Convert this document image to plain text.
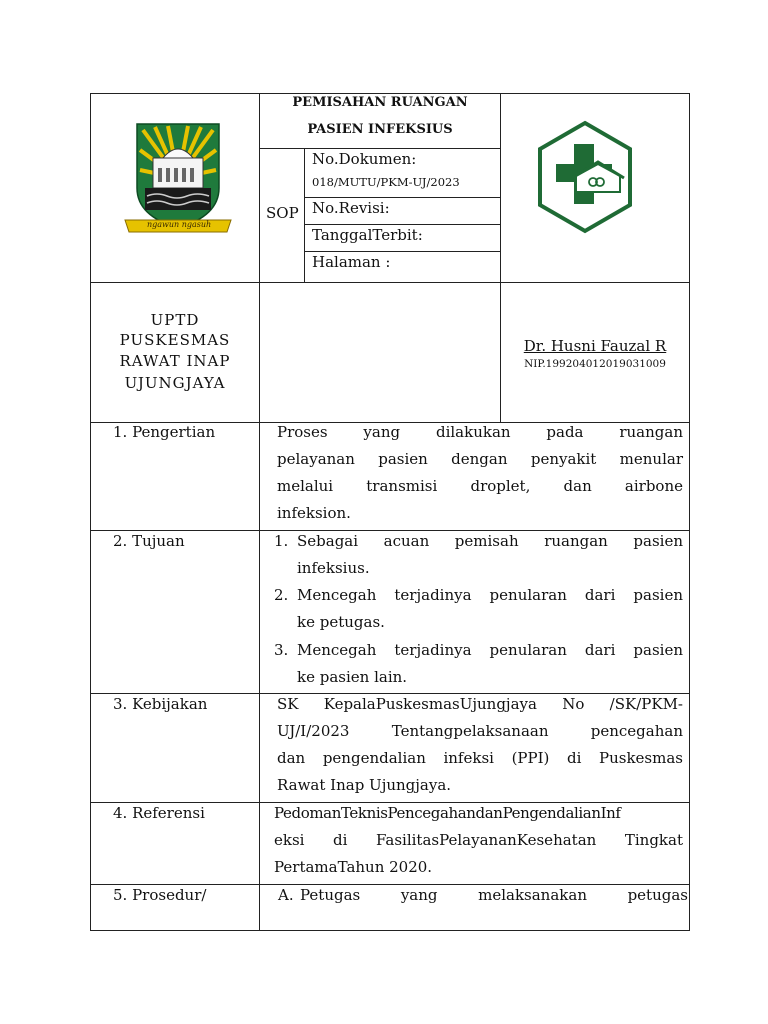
ngawun ngasuh
PEMISAHAN RUANGAN
PASIEN INFEKSIUS
SOP
No.Dokumen:
018/MUTU/PKM-UJ/2023
No.Revisi:
TanggalTerbit:
Halaman :
UPTD
PUSKESMAS
RAWAT INAP
UJUNGJAYA
Dr. Husni Fauzal R
NIP.199204012019031009
1. Pengertian	Proses yang dilakukan pada ruangan
pelayanan pasien dengan penyakit menular
melalui transmisi droplet, dan airbone
infeksion.
2. Tujuan	1. Sebagai acuan pemisah ruangan pasien
infeksius.
2. Mencegah terjadinya penularan dari pasien
ke petugas.
3. Mencegah terjadinya penularan dari pasien
ke pasien lain.
3. Kebijakan	SK KepalaPuskesmasUjungjaya No /SK/PKM-
UJ/I/2023 Tentangpelaksanaan pencegahan
dan pengendalian infeksi (PPI) di Puskesmas
Rawat Inap Ujungjaya.
4. Referensi	PedomanTeknisPencegahandanPengendalianInf
eksi di FasilitasPelayananKesehatan Tingkat
PertamaTahun 2020.
5. Prosedur/	A. Petugas yang melaksanakan petugas
